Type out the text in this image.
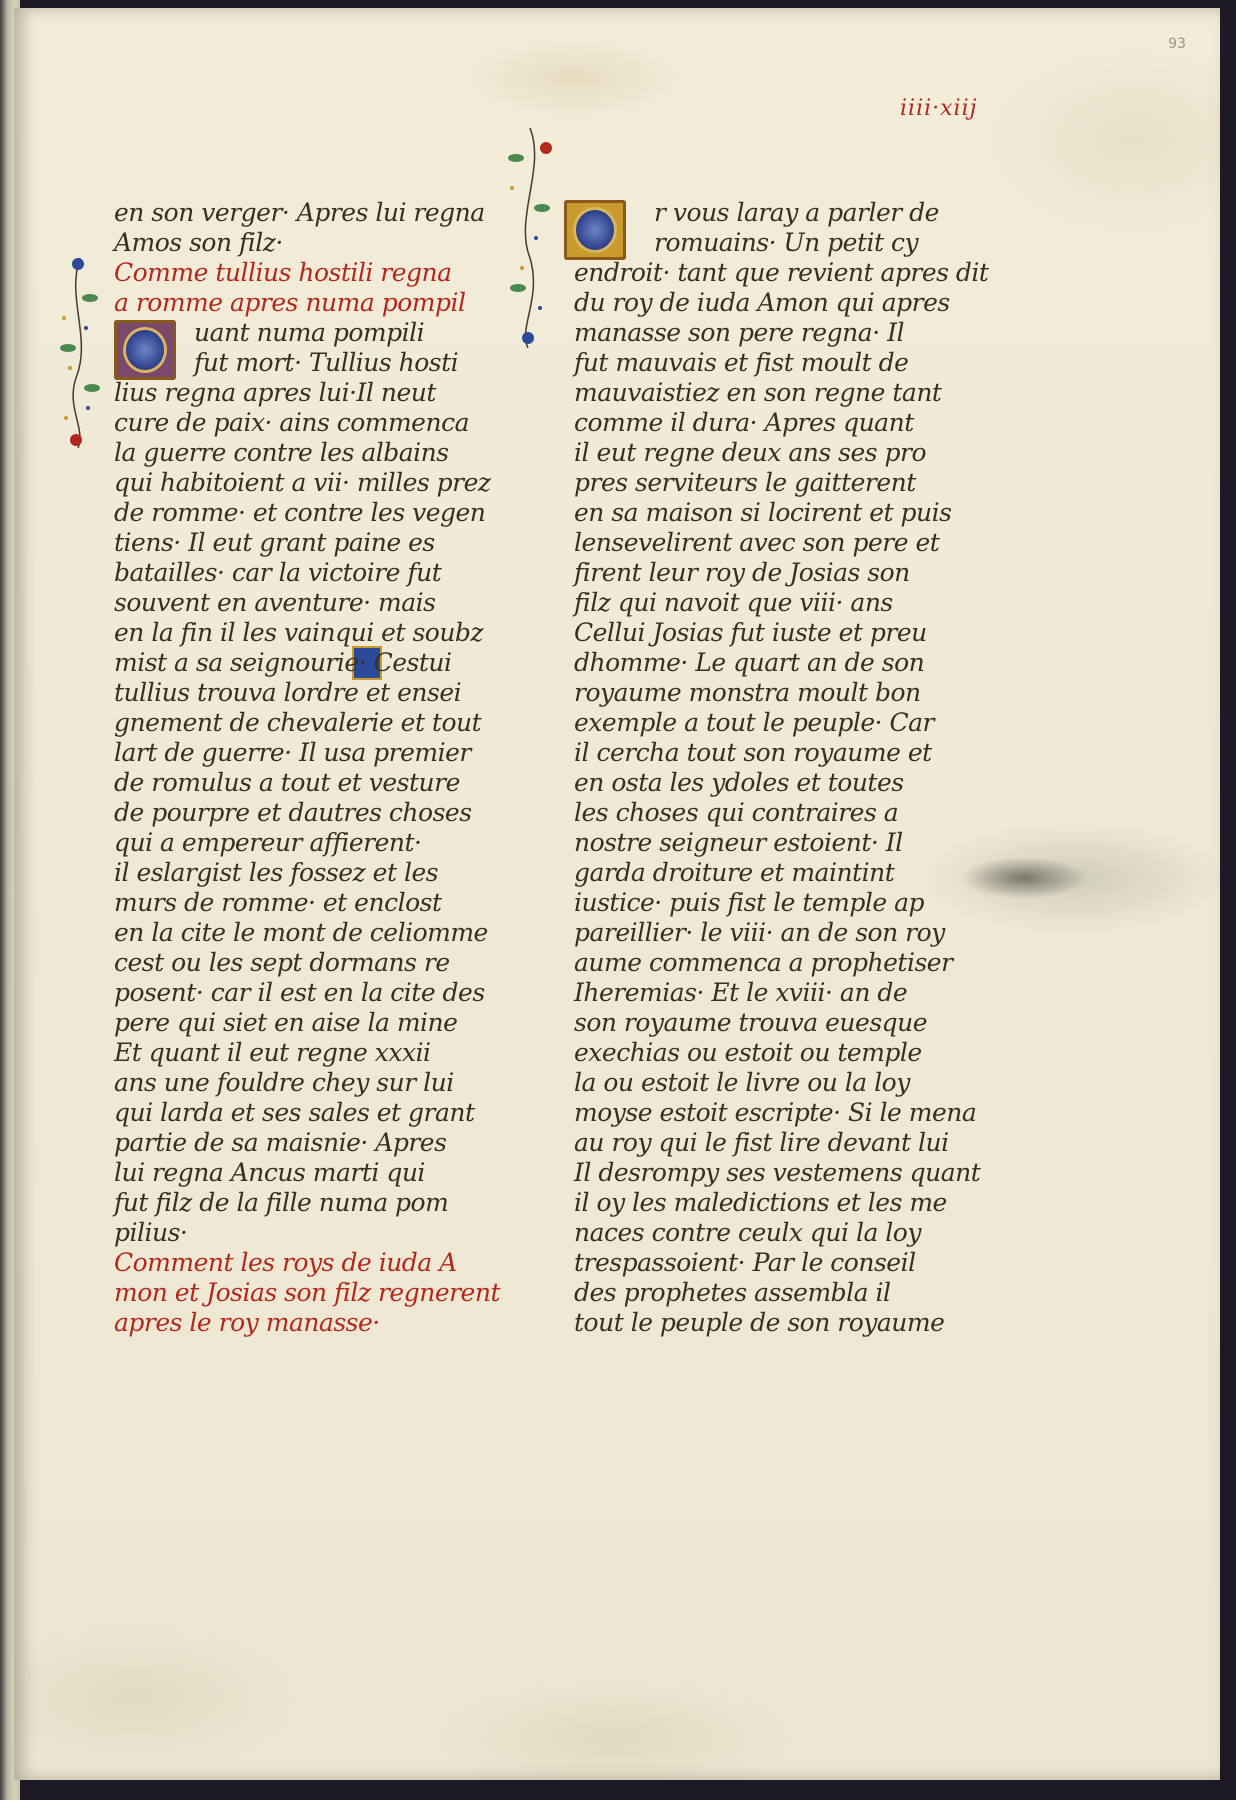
93
iiii·xiij
en son verger· Apres lui regna
Amos son filz·
Comme tullius hostili regna
a romme apres numa pompil
uant numa pompili
fut mort· Tullius hosti
lius regna apres lui·Il neut
cure de paix· ains commenca
la guerre contre les albains
qui habitoient a vii· milles prez
de romme· et contre les vegen
tiens· Il eut grant paine es
batailles· car la victoire fut
souvent en aventure· mais
en la fin il les vainqui et soubz
mist a sa seignourie· Cestui
tullius trouva lordre et ensei
gnement de chevalerie et tout
lart de guerre· Il usa premier
de romulus a tout et vesture
de pourpre et dautres choses
qui a empereur affierent·
il eslargist les fossez et les
murs de romme· et enclost
en la cite le mont de celiomme
cest ou les sept dormans re
posent· car il est en la cite des
pere qui siet en aise la mine
Et quant il eut regne xxxii
ans une fouldre chey sur lui
qui larda et ses sales et grant
partie de sa maisnie· Apres
lui regna Ancus marti qui
fut filz de la fille numa pom
pilius·
Comment les roys de iuda A
mon et Josias son filz regnerent
apres le roy manasse·
r vous laray a parler de
romuains· Un petit cy
endroit· tant que revient apres dit
du roy de iuda Amon qui apres
manasse son pere regna· Il
fut mauvais et fist moult de
mauvaistiez en son regne tant
comme il dura· Apres quant
il eut regne deux ans ses pro
pres serviteurs le gaitterent
en sa maison si locirent et puis
lensevelirent avec son pere et
firent leur roy de Josias son
filz qui navoit que viii· ans
Cellui Josias fut iuste et preu
dhomme· Le quart an de son
royaume monstra moult bon
exemple a tout le peuple· Car
il cercha tout son royaume et
en osta les ydoles et toutes
les choses qui contraires a
nostre seigneur estoient· Il
garda droiture et maintint
iustice· puis fist le temple ap
pareillier· le viii· an de son roy
aume commenca a prophetiser
Iheremias· Et le xviii· an de
son royaume trouva euesque
exechias ou estoit ou temple
la ou estoit le livre ou la loy
moyse estoit escripte· Si le mena
au roy qui le fist lire devant lui
Il desrompy ses vestemens quant
il oy les maledictions et les me
naces contre ceulx qui la loy
trespassoient· Par le conseil
des prophetes assembla il
tout le peuple de son royaume
